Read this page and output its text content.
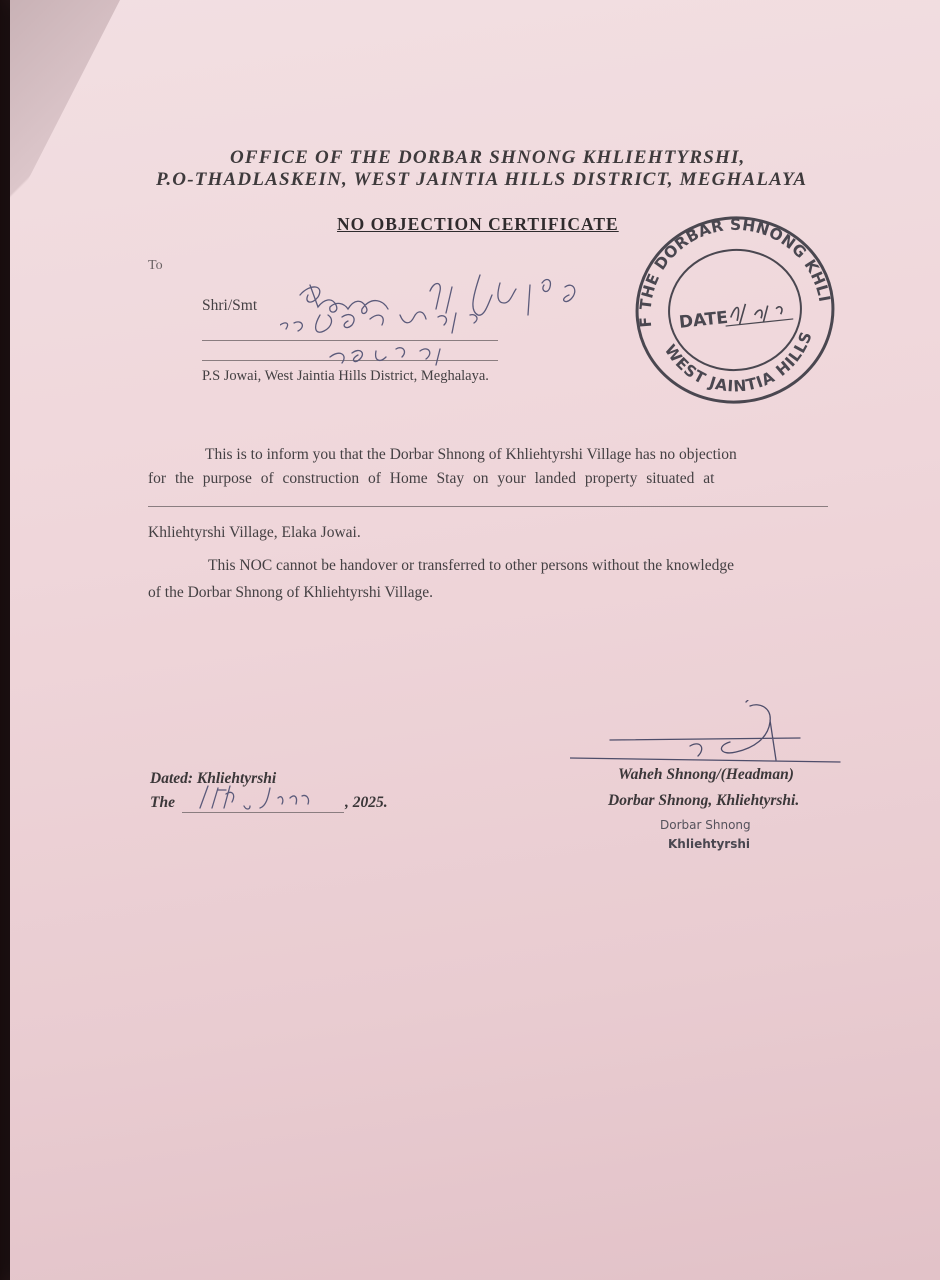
OFFICE OF THE DORBAR SHNONG KHLIEHTYRSHI,
P.O-THADLASKEIN, WEST JAINTIA HILLS DISTRICT, MEGHALAYA
NO OBJECTION CERTIFICATE
To
Shri/Smt
P.S Jowai, West Jaintia Hills District, Meghalaya.
OF THE DORBAR SHNONG KHLIEHTYRSHI
WEST JAINTIA HILLS
DATE
This is to inform you that the Dorbar Shnong of Khliehtyrshi Village has no objection
for the purpose of construction of Home Stay on your landed property situated at
Khliehtyrshi Village, Elaka Jowai.
This NOC cannot be handover or transferred to other persons without the knowledge
of the Dorbar Shnong of Khliehtyrshi Village.
Dated: Khliehtyrshi
The	, 2025.
Waheh Shnong/(Headman)
Dorbar Shnong, Khliehtyrshi.
Dorbar Shnong
Khliehtyrshi
